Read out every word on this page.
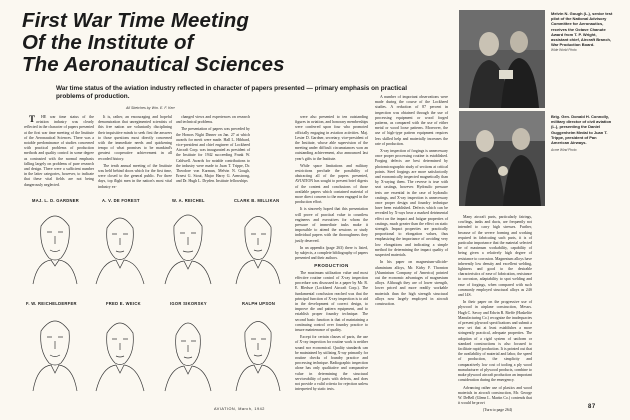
First War Time Meeting
Of the Institute of
The Aeronautical Sciences
War time status of the aviation industry reflected in character of papers presented — primary emphasis on practical problems of production.
All Sketches by Wm. E. F. Kerr

THE war time status of the aviation industry was clearly reflected in the character of papers presented at the first war time meeting of the Institute of the Aeronautical Sciences. There was a notable predominance of studies concerned with practical problems of production methods and quality control in some degree as contrasted with the normal emphasis falling largely on problems of pure research and design. There were a sufficient number in the latter categories, however, to indicate that these vital fields are not being dangerously neglected.

It is, rather, an encouraging and hopeful demonstration that unregimented scientists of this free nation are voluntarily disciplining their inquisitive minds to seek first the answers to those questions most directly concerned with the immediate needs and quickening tempo of what promises to be mankind's greatest cooperative achievement in all recorded history.

The tenth annual meeting of the Institute was held behind doors which for the first time, were closed to the general public. For three days, top flight men in the nation's most vital industry ex-

changed views and experiences on research and technical problems.

The presentation of papers was preceded by the Honors Night Dinner on Jan. 27 at which awards for merit were made. Hall L. Hibbard, vice-president and chief engineer of Lockheed Aircraft Corp. was inaugurated as president of the Institute for 1942 succeeding Frank W. Caldwell. Awards for notable contributions to the industry were made to Juan T. Trippe, Dr. Theodore von Karman, Melvin N. Gough, Ernest G. Stout, Major Harry G. Armstrong, and Dr. Hugh L. Dryden. Institute fellowships

MAJ. L. D. GARDNER	A. V. DE FOREST	W. A. REICHEL	CLARK B. MILLIKAN
F. W. REICHELDERFER	FRED E. WEICK	IGOR SIKORSKY	RALPH UPSON

were also presented to ten outstanding figures in aviation, and honorary memberships were conferred upon four who promoted officially engaging in aviation activities. Maj. Lester D. Gardner, secretary, vice-president of the Institute, whose able supervision of the meeting under difficult circumstances won an outstanding achievement, also announced last year's gifts to the Institute.

While space limitations and military restrictions preclude the possibility of abstracting all of the papers presented, AVIATION has sought to present brief digests of the content and conclusions of those available papers which contained material of more direct concern to the men engaged in the production effort.

It is sincerely hoped that this presentation will prove of practical value to countless engineers and executives for whom the pressure of immediate tasks make it impossible to attend the sessions or study individual papers with the thoroughness they justly deserved.

In an appendix (page 263) there is listed, by subjects, a complete bibliography of papers presented and their authors.

PRODUCTION

The maximum utilization value and most effective routine control of X-ray inspection procedure was discussed in a paper by Mr. R. E. Bledsoe (Lockheed Aircraft Corp.). The fundamental conclusion reached was that the principal function of X-ray inspection is to aid in the development of correct design, to improve die and pattern equipment, and to establish proper foundry technique. The second basic function is that of maintaining a continuing control over foundry practice to insure maintenance of quality.

Except for certain classes of parts, the use of X-ray inspection for routine work is neither sound nor economical. Quality standards can be maintained by utilizing X-ray primarily for routine checks of foundry practice and processing technique. Radiographic inspection alone has only qualitative and comparative value in determining the structural serviceability of parts with defects, and does not provide a valid criteria for rejection unless interpreted by static tests.

A number of important observations were made during the course of the Lockheed studies. A reduction of 87 percent in inspection was obtained through the use of processing equipment or wood forged patterns, as compared with the use of either metal or wood loose patterns. Moreover, the use of high-type pattern equipment requires less skilled help and materially increases the rate of production.

X-ray inspection of forgings is unnecessary once proper processing routine is established. Forging defects are best determined by photomicrographic study of sections at critical points. Steel forgings are more satisfactorily and economically inspected magnetically than by X-raying them. The reverse is true with seat castings, however. Hydraulic pressure tests are essential in the case of hydraulic castings, and X-ray inspection is unnecessary once proper design and foundry technique have been established. Defects which can be revealed by X-rays bear a marked detrimental effect on the impact and fatigue properties of castings, much greater than the effect on static strength. Impact properties are practically proportional to elongation values, thus emphasizing the importance of avoiding very low elongations and indicating a simple method for determining the impact quality of suspected materials.

In his paper on magnesium-silicide-aluminium alloys, Mr. Kirby F. Thornton (Aluminium Company of America) pointed out the economic advantages of magnesium alloys. Although they are of lower strength, lower priced and more readily workable materials than the high strength structural alloys now largely employed in aircraft construction.

Melvin N. Gough (L.), senior test pilot of the National Advisory Committee for Aeronautics, receives the Octave Chanute Award from T. P. Wright, assistant chief, Aircraft Branch, War Production Board.
Wide World Photo
Brig. Gen. Donald H. Connolly, military director of civil aviation (L.), presenting the Daniel Guggenheim Medal to Juan T. Trippe, president of Pan American Airways.
Acme Wind Photo

Many aircraft parts, particularly fairings, cowlings, tanks and ducts, are frequently not intended to carry high stresses. Further, because of the severe forming and working required in fabricating such parts, it is of particular importance that the material selected be of maximum workability, capability of being given a relatively high degree of resistance to corrosion. Magnesium alloys have inherently low density and excellent welding, lightness and good to the desirable characteristics of ease of fabrication, resistance to corrosion, adaptability to spot welding and ease of forgings, when compared with such commonly employed structural alloys as 24S and 14S.

In their paper on the progressive use of plywood in airplane construction, Messrs. Hugh C. Savoy and Edwin R. Rieffe (Haskelite Manufacturing Co.) recognize the inadequacies of present plywood specifications and submit a new set that at least establishes a more stringently practical, adequate properties. The adoption of a rigid system of uniform or standard constructions is also focused to facilitate rapid production. It is pointed out that the availability of material and labor, the speed of production, the simplicity and comparatively low cost of tooling a ply wood manufacturer of plywood products, combine to make plywood aircraft production an important consideration during the emergency.

Advancing rather use of plastics and wood materials in aircraft construction, Mr. George W. DeBell (Glenn L. Martin Co.) contends that it would be provi

(Turn to page 264)

AVIATION, March, 1942	87
